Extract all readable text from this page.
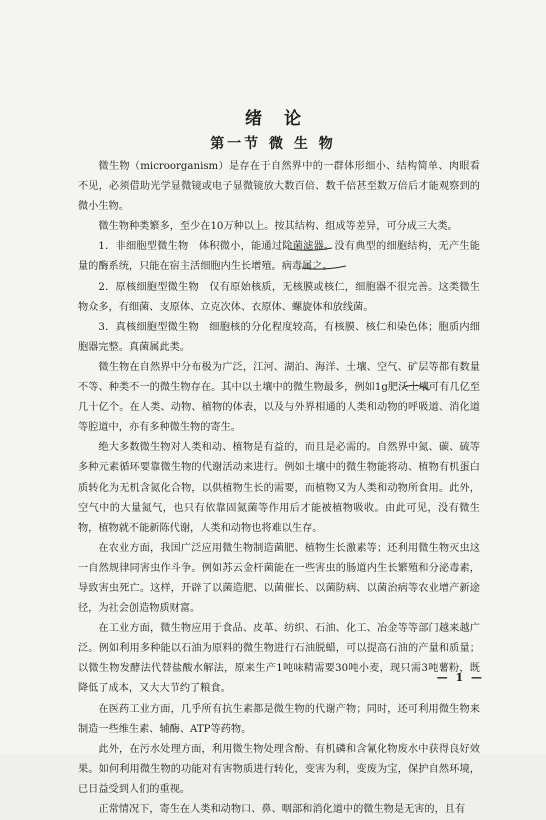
绪论
第一节 微 生 物

微生物（microorganism）是存在于自然界中的一群体形细小、结构简单、肉眼看不见，必须借助光学显微镜或电子显微镜放大数百倍、数千倍甚至数万倍后才能观察到的微小生物。

微生物种类繁多，至少在10万种以上。按其结构、组成等差异，可分成三大类。

1．非细胞型微生物　体积微小，能通过除菌滤器。没有典型的细胞结构，无产生能量的酶系统，只能在宿主活细胞内生长增殖。病毒属之。

2．原核细胞型微生物　仅有原始核质，无核膜或核仁，细胞器不很完善。这类微生物众多，有细菌、支原体、立克次体、衣原体、螺旋体和放线菌。

3．真核细胞型微生物　细胞核的分化程度较高，有核膜、核仁和染色体；胞质内细胞器完整。真菌属此类。

微生物在自然界中分布极为广泛，江河、湖泊、海洋、土壤、空气、矿层等都有数量不等、种类不一的微生物存在。其中以土壤中的微生物最多，例如1g肥沃土壤可有几亿至几十亿个。在人类、动物、植物的体表，以及与外界相通的人类和动物的呼吸道、消化道等腔道中，亦有多种微生物的寄生。

绝大多数微生物对人类和动、植物是有益的，而且是必需的。自然界中氮、碳、硫等多种元素循环要靠微生物的代谢活动来进行。例如土壤中的微生物能将动、植物有机蛋白质转化为无机含氮化合物，以供植物生长的需要，而植物又为人类和动物所食用。此外，空气中的大量氮气，也只有依靠固氮菌等作用后才能被植物吸收。由此可见，没有微生物，植物就不能新陈代谢，人类和动物也将难以生存。

在农业方面，我国广泛应用微生物制造菌肥、植物生长激素等；还利用微生物灭虫这一自然规律同害虫作斗争。例如苏云金杆菌能在一些害虫的肠道内生长繁殖和分泌毒素，导致害虫死亡。这样，开辟了以菌造肥、以菌催长、以菌防病、以菌治病等农业增产新途径，为社会创造物质财富。

在工业方面，微生物应用于食品、皮革、纺织、石油、化工、冶金等等部门越来越广泛。例如利用多种能以石油为原料的微生物进行石油脱蜡，可以提高石油的产量和质量；以微生物发酵法代替盐酸水解法，原来生产1吨味精需要30吨小麦，现只需3吨薯粉，既降低了成本，又大大节约了粮食。

在医药工业方面，几乎所有抗生素都是微生物的代谢产物；同时，还可利用微生物来制造一些维生素、辅酶、ATP等药物。

此外，在污水处理方面，利用微生物处理含酚、有机磷和含氰化物废水中获得良好效果。如何利用微生物的功能对有害物质进行转化，变害为利，变废为宝，保护自然环境，已日益受到人们的重视。

正常情况下，寄生在人类和动物口、鼻、咽部和消化道中的微生物是无害的，且有

— 1 —
